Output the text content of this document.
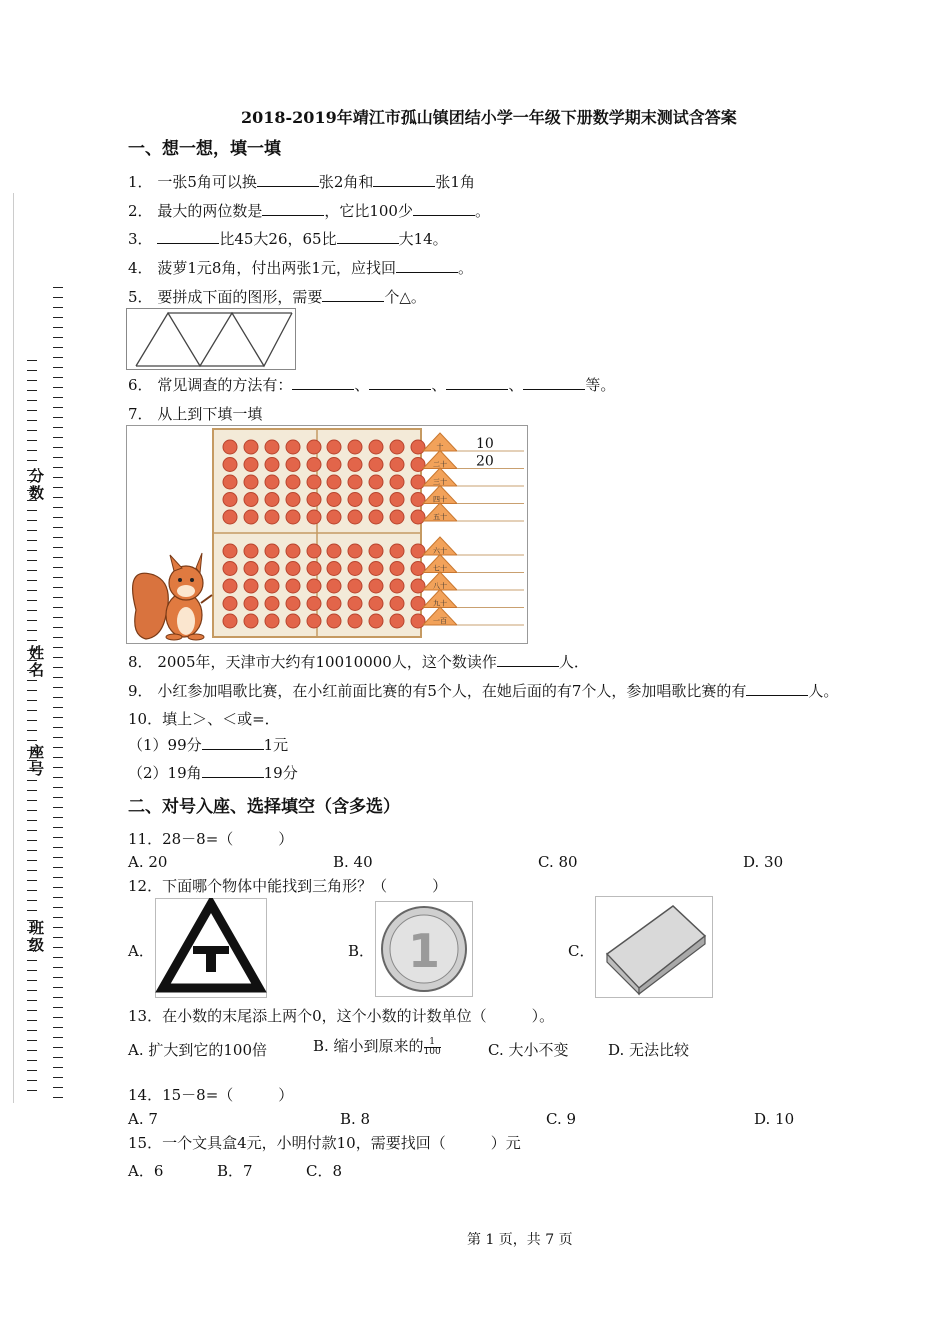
分数
姓名
座号
班级
2018-2019年靖江市孤山镇团结小学一年级下册数学期末测试含答案
一、想一想，填一填
1． 一张5角可以换	张2角和	张1角
2． 最大的两位数是	，它比100少	。
3．	比45大26，65比	大14。
4． 菠萝1元8角，付出两张1元，应找回	。
5． 要拼成下面的图形，需要	个△。
6． 常见调查的方法有：	、	、	、	等。
7． 从上到下填一填
十 10
二十 20
三十
四十
五十
六十
七十
八十
九十
一百
8． 2005年，天津市大约有10010000人，这个数读作	人．
9． 小红参加唱歌比赛，在小红前面比赛的有5个人，在她后面的有7个人，参加唱歌比赛的有	人。
10．填上＞、＜或=．
（1）99分	1元
（2）19角	19分
二、对号入座、选择填空（含多选）
11．28－8=（　　　）
A. 20	B. 40	C. 80	D. 30
12．下面哪个物体中能找到三角形？（　　　）
A．	B． 1	C．
13．在小数的末尾添上两个0，这个小数的计数单位（　　　）。
A. 扩大到它的100倍	B. 缩小到原来的 $\frac{1}{100}$	C. 大小不变	D. 无法比较
14．15－8=（　　　）
A. 7	B. 8	C. 9	D. 10
15．一个文具盒4元，小明付款10，需要找回（　　　）元
A．6	B．7	C．8
第 1 页，共 7 页
